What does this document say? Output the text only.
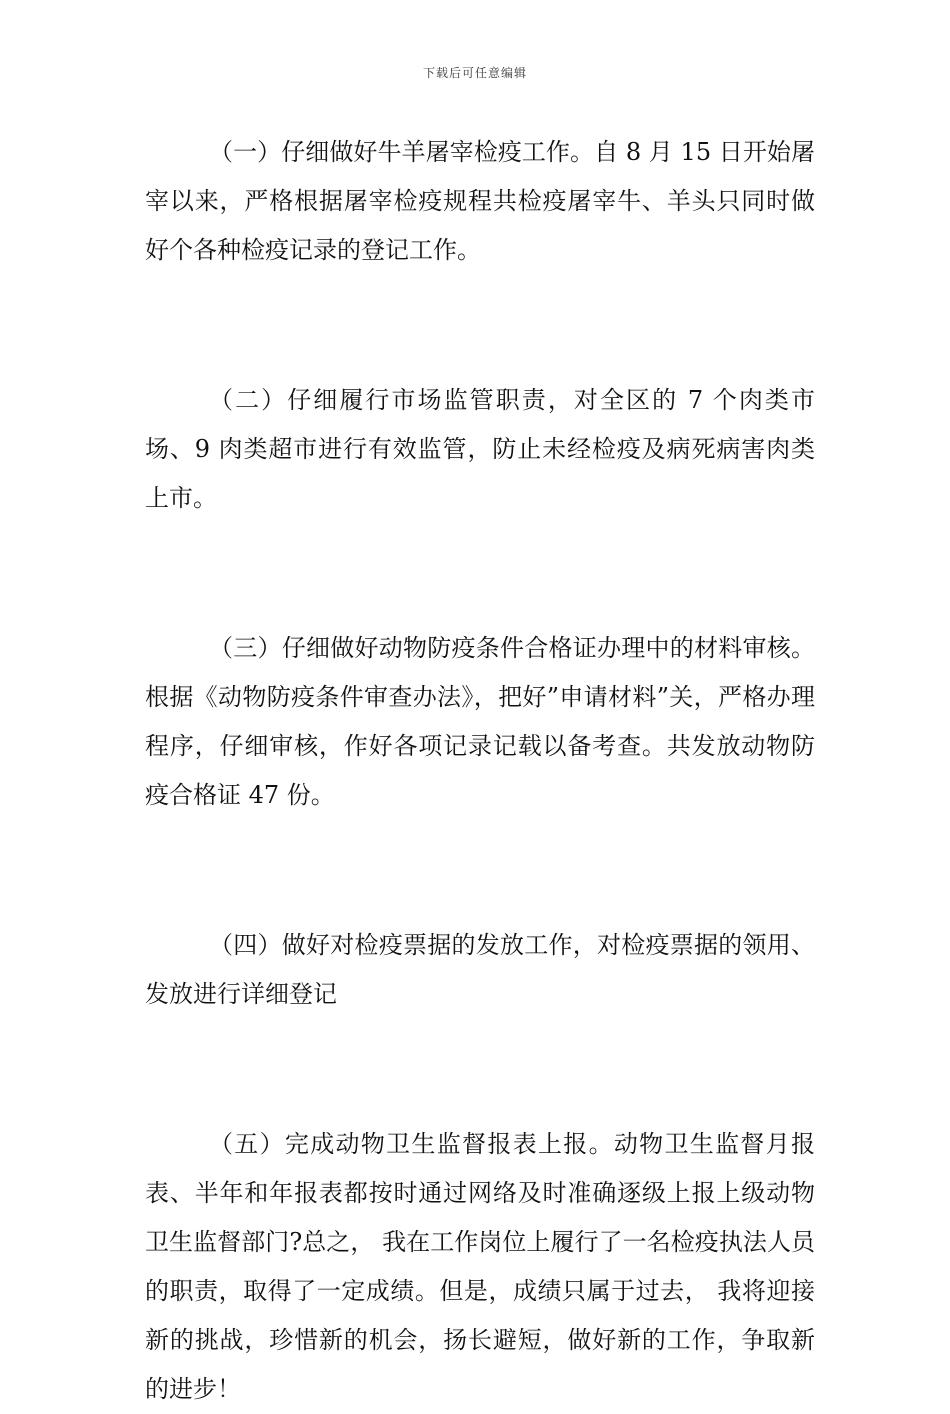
下载后可任意编辑

（一）仔细做好牛羊屠宰检疫工作。自 8 月 15 日开始屠宰以来，严格根据屠宰检疫规程共检疫屠宰牛、羊头只同时做好个各种检疫记录的登记工作。

（二）仔细履行市场监管职责，对全区的 7 个肉类市场、9 肉类超市进行有效监管，防止未经检疫及病死病害肉类上市。

（三）仔细做好动物防疫条件合格证办理中的材料审核。根据《动物防疫条件审查办法》，把好”申请材料”关，严格办理程序，仔细审核，作好各项记录记载以备考查。共发放动物防疫合格证 47 份。

（四）做好对检疫票据的发放工作，对检疫票据的领用、发放进行详细登记

（五）完成动物卫生监督报表上报。动物卫生监督月报表、半年和年报表都按时通过网络及时准确逐级上报上级动物卫生监督部门?总之， 我在工作岗位上履行了一名检疫执法人员的职责，取得了一定成绩。但是，成绩只属于过去， 我将迎接新的挑战，珍惜新的机会，扬长避短，做好新的工作，争取新的进步！
